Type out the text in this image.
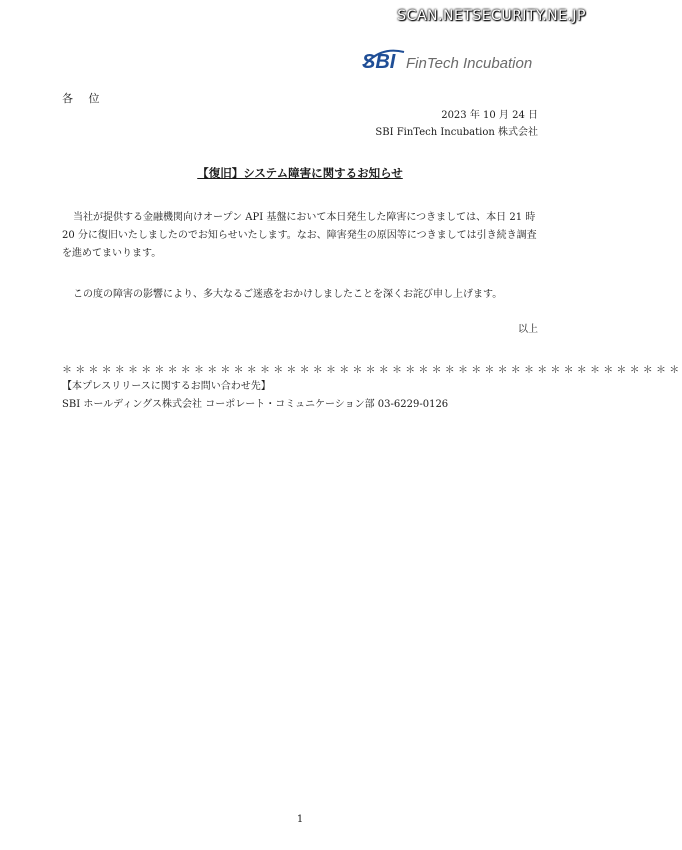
SCAN.NETSECURITY.NE.JP
SBI FinTech Incubation
各 位
2023 年 10 月 24 日
SBI FinTech Incubation 株式会社
【復旧】システム障害に関するお知らせ
当社が提供する金融機関向けオープン API 基盤において本日発生した障害につきましては、本日 21 時 20 分に復旧いたしましたのでお知らせいたします。なお、障害発生の原因等につきましては引き続き調査を進めてまいります。
この度の障害の影響により、多大なるご迷惑をおかけしましたことを深くお詫び申し上げます。
以上
＊＊＊＊＊＊＊＊＊＊＊＊＊＊＊＊＊＊＊＊＊＊＊＊＊＊＊＊＊＊＊＊＊＊＊＊＊＊＊＊＊＊＊＊＊＊＊
【本プレスリリースに関するお問い合わせ先】
SBI ホールディングス株式会社 コーポレート・コミュニケーション部 03-6229-0126
1
